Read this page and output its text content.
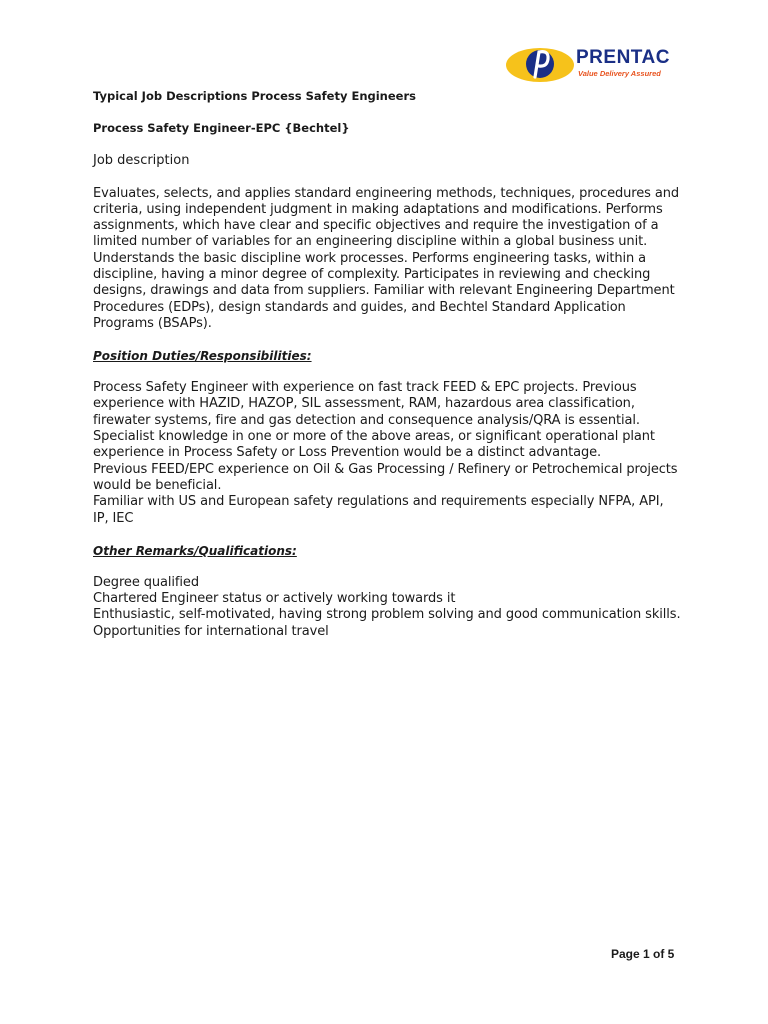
PRENTAC
Value Delivery Assured

Typical Job Descriptions Process Safety Engineers

Process Safety Engineer-EPC {Bechtel}

Job description

Evaluates, selects, and applies standard engineering methods, techniques, procedures and criteria, using independent judgment in making adaptations and modifications. Performs assignments, which have clear and specific objectives and require the investigation of a limited number of variables for an engineering discipline within a global business unit.

Understands the basic discipline work processes. Performs engineering tasks, within a discipline, having a minor degree of complexity. Participates in reviewing and checking designs, drawings and data from suppliers. Familiar with relevant Engineering Department Procedures (EDPs), design standards and guides, and Bechtel Standard Application Programs (BSAPs).

Position Duties/Responsibilities:

Process Safety Engineer with experience on fast track FEED & EPC projects. Previous experience with HAZID, HAZOP, SIL assessment, RAM, hazardous area classification, firewater systems, fire and gas detection and consequence analysis/QRA is essential. Specialist knowledge in one or more of the above areas, or significant operational plant experience in Process Safety or Loss Prevention would be a distinct advantage.

Previous FEED/EPC experience on Oil & Gas Processing / Refinery or Petrochemical projects would be beneficial.

Familiar with US and European safety regulations and requirements especially NFPA, API, IP, IEC

Other Remarks/Qualifications:

Degree qualified

Chartered Engineer status or actively working towards it

Enthusiastic, self-motivated, having strong problem solving and good communication skills.

Opportunities for international travel

Page 1 of 5
